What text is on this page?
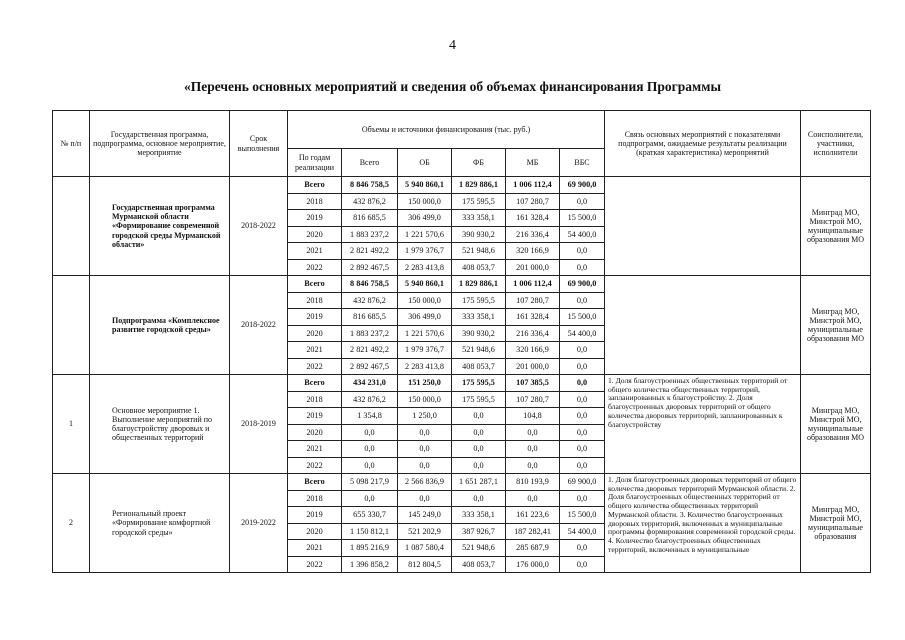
4
«Перечень основных мероприятий и сведения об объемах финансирования Программы
№ п/п	Государственная программа, подпрограмма, основное мероприятие, мероприятие	Срок выполнения	Объемы и источники финансирования (тыс. руб.)						Связь основных мероприятий с показателями подпрограмм, ожидаемые результаты реализации (краткая характеристика) мероприятий	Соисполнители, участники, исполнители
			По годам реализации	Всего	ОБ	ФБ	МБ	ВБС		
	Государственная программа Мурманской области «Формирование современной городской среды Мурманской области»	2018-2022	Всего	8 846 758,5	5 940 860,1	1 829 886,1	1 006 112,4	69 900,0		Минград МО, Минстрой МО, муниципальные образования МО
			2018	432 876,2	150 000,0	175 595,5	107 280,7	0,0		
			2019	816 685,5	306 499,0	333 358,1	161 328,4	15 500,0		
			2020	1 883 237,2	1 221 570,6	390 930,2	216 336,4	54 400,0		
			2021	2 821 492,2	1 979 376,7	521 948,6	320 166,9	0,0		
			2022	2 892 467,5	2 283 413,8	408 053,7	201 000,0	0,0		
	Подпрограмма «Комплексное развитие городской среды»	2018-2022	Всего	8 846 758,5	5 940 860,1	1 829 886,1	1 006 112,4	69 900,0		Минград МО, Минстрой МО, муниципальные образования МО
			2018	432 876,2	150 000,0	175 595,5	107 280,7	0,0		
			2019	816 685,5	306 499,0	333 358,1	161 328,4	15 500,0		
			2020	1 883 237,2	1 221 570,6	390 930,2	216 336,4	54 400,0		
			2021	2 821 492,2	1 979 376,7	521 948,6	320 166,9	0,0		
			2022	2 892 467,5	2 283 413,8	408 053,7	201 000,0	0,0		
1	Основное мероприятие 1. Выполнение мероприятий по благоустройству дворовых и общественных территорий	2018-2019	Всего	434 231,0	151 250,0	175 595,5	107 385,5	0,0	1. Доля благоустроенных общественных территорий от общего количества общественных территорий, запланированных к благоустройству. 2. Доля благоустроенных дворовых территорий от общего количества дворовых территорий, запланированных к благоустройству	Минград МО, Минстрой МО, муниципальные образования МО
			2018	432 876,2	150 000,0	175 595,5	107 280,7	0,0		
			2019	1 354,8	1 250,0	0,0	104,8	0,0		
			2020	0,0	0,0	0,0	0,0	0,0		
			2021	0,0	0,0	0,0	0,0	0,0		
			2022	0,0	0,0	0,0	0,0	0,0		
2	Региональный проект «Формирование комфортной городской среды»	2019-2022	Всего	5 098 217,9	2 566 836,9	1 651 287,1	810 193,9	69 900,0	1. Доля благоустроенных дворовых территорий от общего количества дворовых территорий Мурманской области. 2. Доля благоустроенных общественных территорий от общего количества общественных территорий Мурманской области. 3. Количество благоустроенных дворовых территорий, включенных в муниципальные программы формирования современной городской среды. 4. Количество благоустроенных общественных территорий, включенных в муниципальные	Минград МО, Минстрой МО, муниципальные образования
			2018	0,0	0,0	0,0	0,0	0,0		
			2019	655 330,7	145 249,0	333 358,1	161 223,6	15 500,0		
			2020	1 150 812,1	521 202,9	387 926,7	187 282,41	54 400,0		
			2021	1 895 216,9	1 087 580,4	521 948,6	285 687,9	0,0		
			2022	1 396 858,2	812 804,5	408 053,7	176 000,0	0,0		
